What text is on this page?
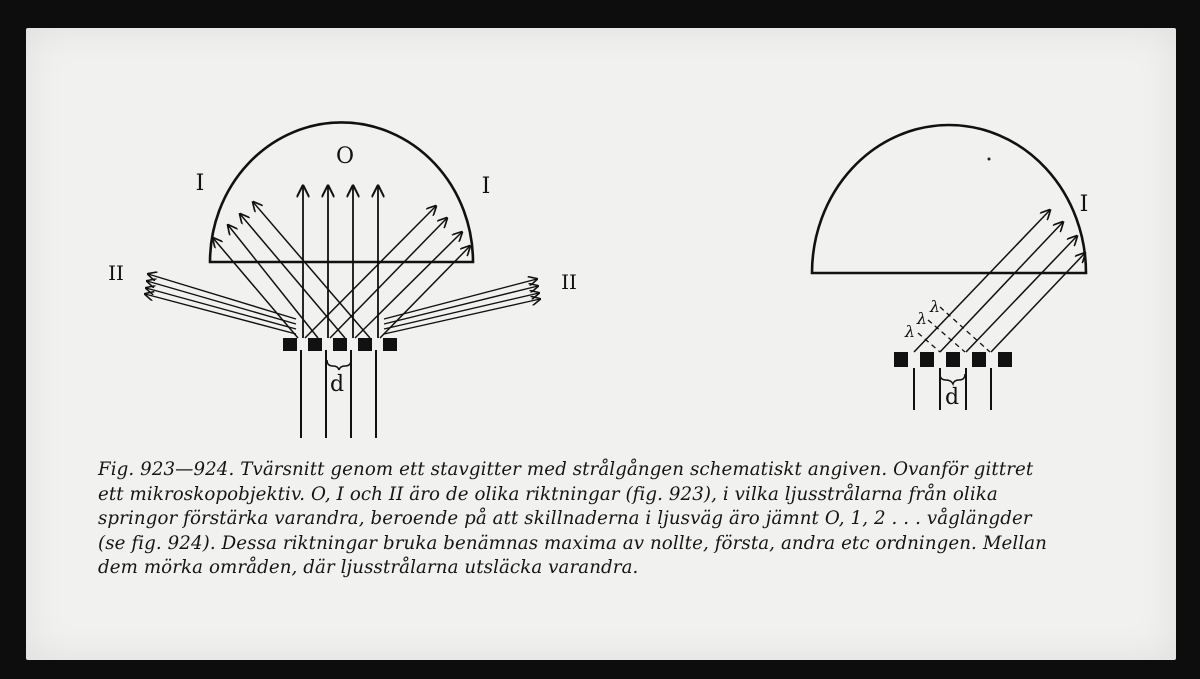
O
I	I
II	II
d
I
d
λ
λ
λ
Fig. 923—924. Tvärsnitt genom ett stavgitter med strålgången schematiskt angiven. Ovanför gittret
ett mikroskopobjektiv. O, I och II äro de olika riktningar (fig. 923), i vilka ljusstrålarna från olika
springor förstärka varandra, beroende på att skillnaderna i ljusväg äro jämnt O, 1, 2 . . . våglängder
(se fig. 924). Dessa riktningar bruka benämnas maxima av nollte, första, andra etc ordningen. Mellan
dem mörka områden, där ljusstrålarna utsläcka varandra.
